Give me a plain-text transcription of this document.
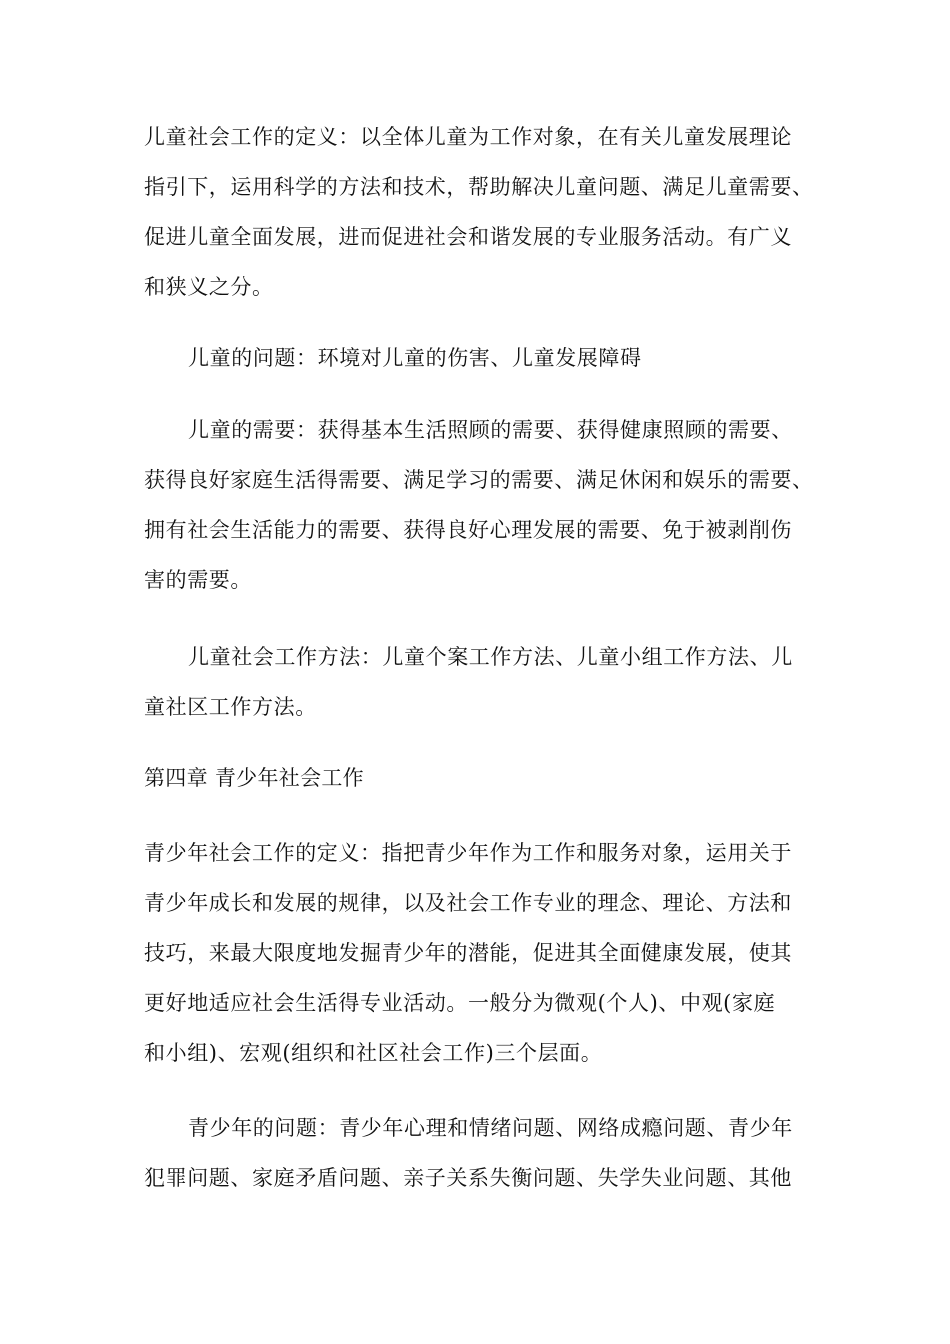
儿童社会工作的定义：以全体儿童为工作对象，在有关儿童发展理论
指引下，运用科学的方法和技术，帮助解决儿童问题、满足儿童需要、
促进儿童全面发展，进而促进社会和谐发展的专业服务活动。有广义
和狭义之分。
儿童的问题：环境对儿童的伤害、儿童发展障碍
儿童的需要：获得基本生活照顾的需要、获得健康照顾的需要、
获得良好家庭生活得需要、满足学习的需要、满足休闲和娱乐的需要、
拥有社会生活能力的需要、获得良好心理发展的需要、免于被剥削伤
害的需要。
儿童社会工作方法：儿童个案工作方法、儿童小组工作方法、儿
童社区工作方法。
第四章 青少年社会工作
青少年社会工作的定义：指把青少年作为工作和服务对象，运用关于
青少年成长和发展的规律，以及社会工作专业的理念、理论、方法和
技巧，来最大限度地发掘青少年的潜能，促进其全面健康发展，使其
更好地适应社会生活得专业活动。一般分为微观(个人)、中观(家庭
和小组)、宏观(组织和社区社会工作)三个层面。
青少年的问题：青少年心理和情绪问题、网络成瘾问题、青少年
犯罪问题、家庭矛盾问题、亲子关系失衡问题、失学失业问题、其他
